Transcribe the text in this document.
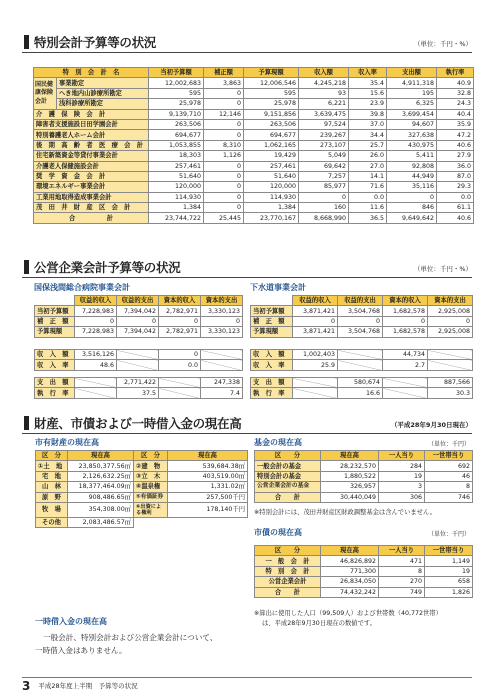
特別会計予算等の状況	（単位：千円・%）
特　別　会　計　名		当初予算額	補正額	予算現額	収入額	収入率	支出額	執行率
国民健康保険会計	事業勘定	12,002,683	3,863	12,006,546	4,245,218	35.4	4,911,318	40.9
	へき地内山診療所勘定	595	0	595	93	15.6	195	32.8
	浅科診療所勘定	25,978	0	25,978	6,221	23.9	6,325	24.3
介　護　保　険　会　計		9,139,710	12,146	9,151,856	3,639,475	39.8	3,699,454	40.4
障害者支援施設日田学園会計		263,506	0	263,506	97,524	37.0	94,607	35.9
特別養護老人ホーム会計		694,677	0	694,677	239,267	34.4	327,638	47.2
後　期　高　齢　者　医　療　会　計		1,053,855	8,310	1,062,165	273,107	25.7	430,975	40.6
住宅新築資金等貸付事業会計		18,303	1,126	19,429	5,049	26.0	5,411	27.9
介護老人保健施設会計		257,461	0	257,461	69,642	27.0	92,808	36.0
奨　学　資　金　会　計		51,640	0	51,640	7,257	14.1	44,949	87.0
環境エネルギー事業会計		120,000	0	120,000	85,977	71.6	35,116	29.3
工業用地取得造成事業会計		114,930	0	114,930	0	0.0	0	0.0
茂　田　井　財　産　区　会　計		1,384	0	1,384	160	11.6	846	61.1
合　　　　　計		23,744,722	25,445	23,770,167	8,668,990	36.5	9,649,642	40.6
公営企業会計予算等の状況	（単位：千円・%）
国保浅間総合病院事業会計
	収益的収入	収益的支出	資本的収入	資本的支出
当初予算額	7,228,983	7,394,042	2,782,971	3,330,123
補　正　額	0	0	0	0
予算現額	7,228,983	7,394,042	2,782,971	3,330,123
収　入　額	3,516,126		0	
収　入　率	48.6		0.0	
支　出　額		2,771,422		247,338
執　行　率		37.5		7.4
下水道事業会計
	収益的収入	収益的支出	資本的収入	資本的支出
当初予算額	3,871,421	3,504,768	1,682,578	2,925,008
補　正　額	0	0	0	0
予算現額	3,871,421	3,504,768	1,682,578	2,925,008
収　入　額	1,002,403		44,734	
収　入　率	25.9		2.7	
支　出　額		580,674		887,566
執　行　率		16.6		30.3
財産、市債および一時借入金の現在高	（平成28年9月30日現在）
市有財産の現在高
区　分	現在高	区　分	現在高
①土　地	23,850,377.56㎡	②建　物	539,684.38㎡
宅　地	2,126,632.25㎡	③立　木	403,519.00㎡
山　林	18,377,464.09㎡	④温泉権	1,331.02㎡
原　野	908,486.65㎡	⑤有価証券	257,500千円
牧　場	354,308.00㎡	⑥出資による権利	178,140千円
その他	2,083,486.57㎡		
基金の現在高	（単位：千円）
区　　分	現在高	一人当り	一世帯当り
一般会計の基金	28,232,570	284	692
特別会計の基金	1,880,522	19	46
公営企業会計の基金	326,957	3	8
合　　計	30,440,049	306	746
※特別会計には、茂田井財産区財政調整基金は含んでいません。
市債の現在高	（単位：千円）
区　　分	現在高	一人当り	一世帯当り
一　般　会　計	46,826,892	471	1,149
特　別　会　計	771,300	8	19
公営企業会計	26,834,050	270	658
合　　計	74,432,242	749	1,826
※算出に使用した人口（99,509人）および世帯数（40,772世帯）
は、平成28年9月30日現在の数値です。
一時借入金の現在高
一般会計、特別会計および公営企業会計について、
一時借入金はありません。
3 平成28年度上半期　予算等の状況
